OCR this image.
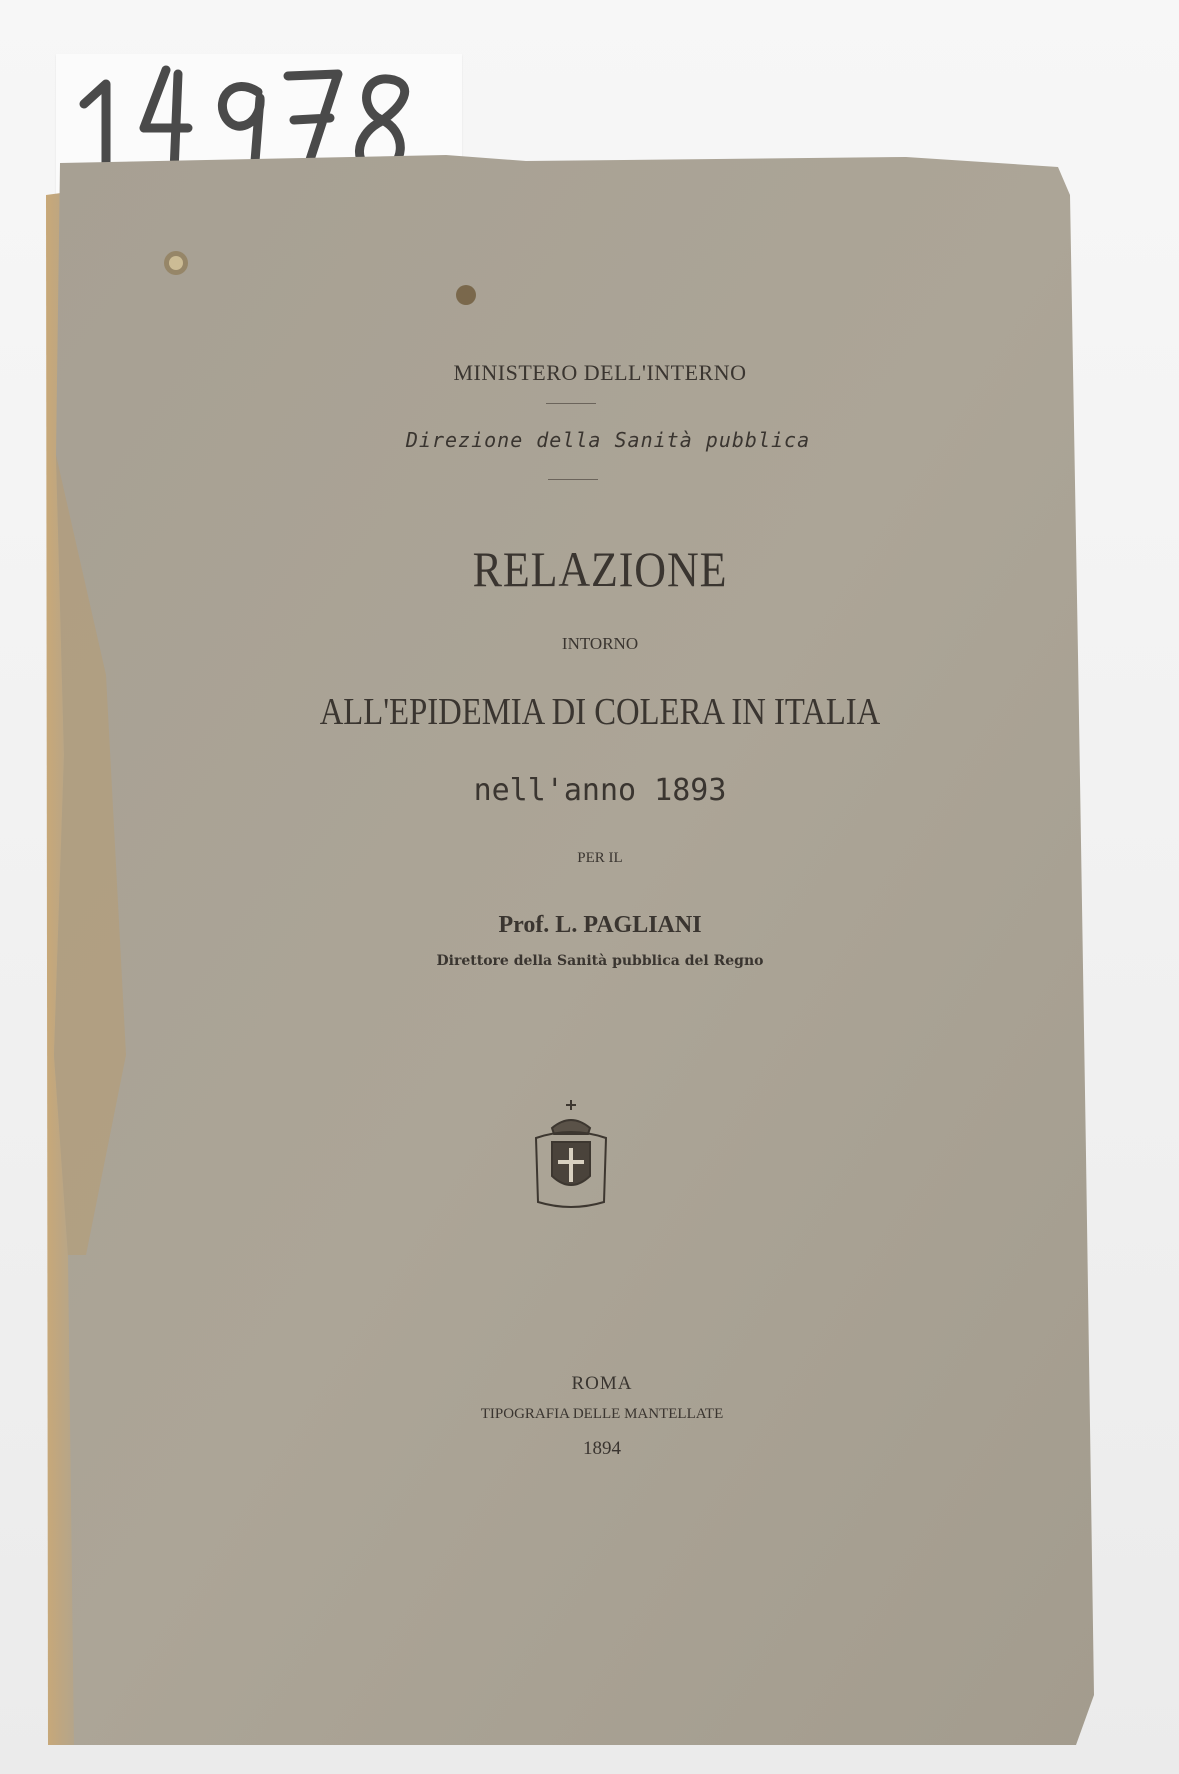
MINISTERO DELL'INTERNO
Direzione della Sanità pubblica
RELAZIONE
INTORNO
ALL'EPIDEMIA DI COLERA IN ITALIA
nell'anno 1893
PER IL
Prof. L. PAGLIANI
Direttore della Sanità pubblica del Regno
ROMA
TIPOGRAFIA DELLE MANTELLATE
1894
